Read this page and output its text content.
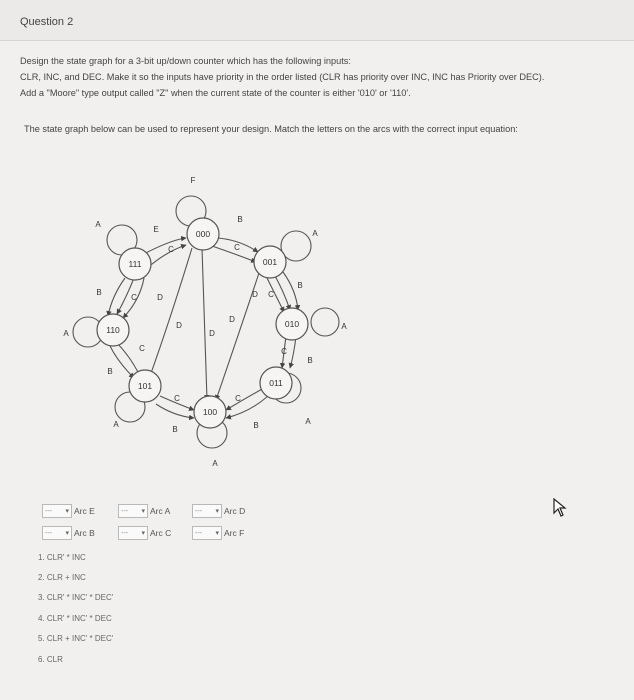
Question 2
Design the state graph for a 3-bit up/down counter which has the following inputs:
CLR, INC, and DEC. Make it so the inputs have priority in the order listed (CLR has priority over INC, INC has Priority over DEC).
Add a "Moore" type output called "Z" when the current state of the counter is either '010' or '110'.
The state graph below can be used to represent your design. Match the letters on the arcs with the correct input equation:
000
001
010
011
100
101
110
111
F
E
B
A
A
C	C
B
C	D
D
D
D
C
D
B
A
A
C
B
C
B
A
C
B
C
B	A
A
--- ▾ Arc E
--- ▾ Arc B
--- ▾ Arc A
--- ▾ Arc C
--- ▾ Arc D
--- ▾ Arc F
1. CLR' * INC
2. CLR + INC
3. CLR' * INC' * DEC'
4. CLR' * INC' * DEC
5. CLR + INC' * DEC'
6. CLR
